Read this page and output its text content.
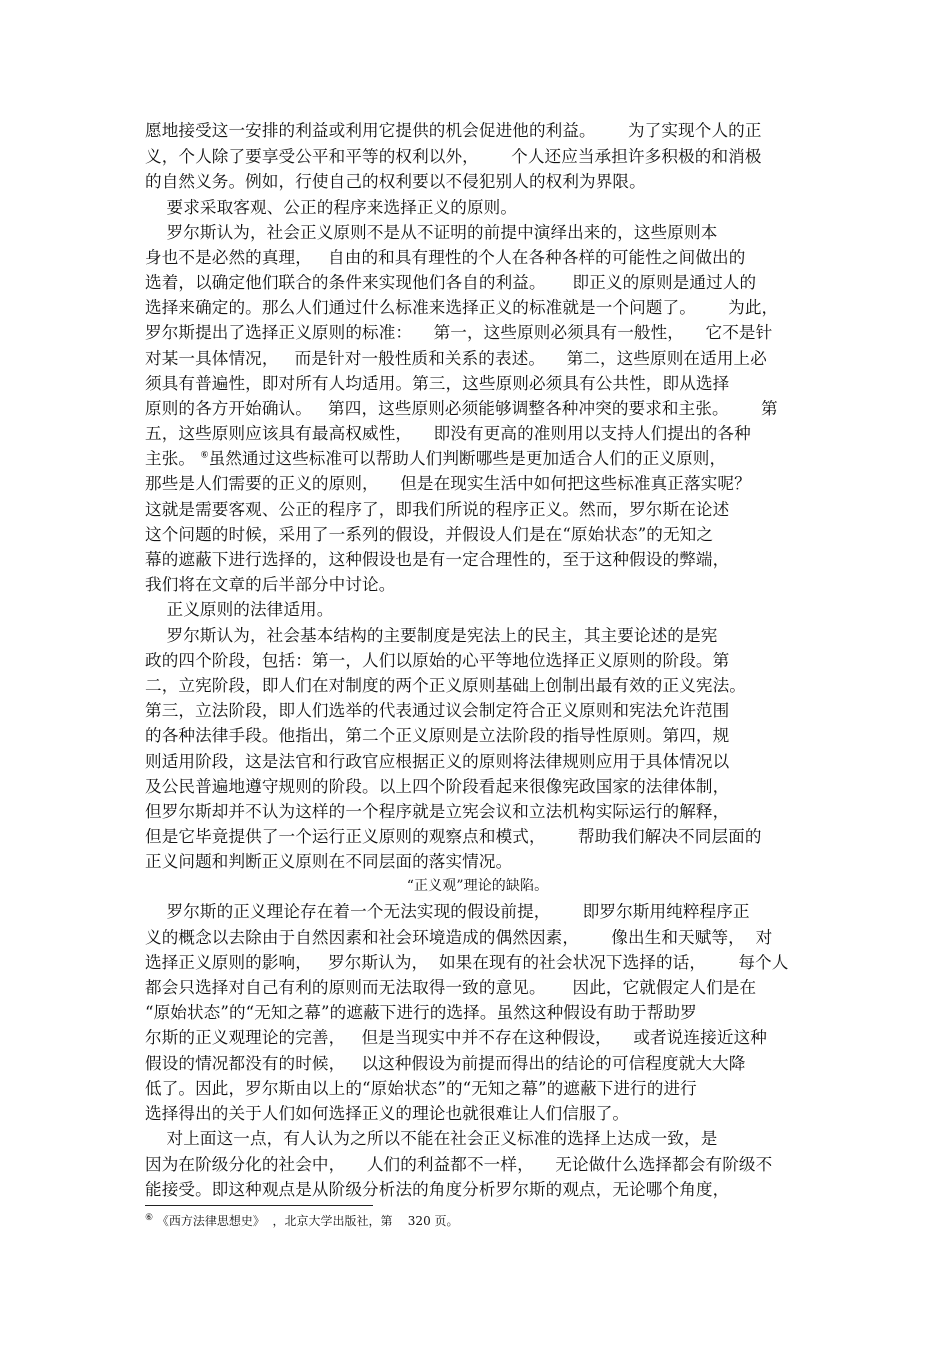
愿地接受这一安排的利益或利用它提供的机会促进他的利益。      为了实现个人的正
义，个人除了要享受公平和平等的权利以外，      个人还应当承担许多积极的和消极
的自然义务。例如，行使自己的权利要以不侵犯别人的权利为界限。
要求采取客观、公正的程序来选择正义的原则。
罗尔斯认为，社会正义原则不是从不证明的前提中演绎出来的，这些原则本
身也不是必然的真理，   自由的和具有理性的个人在各种各样的可能性之间做出的
选着，以确定他们联合的条件来实现他们各自的利益。     即正义的原则是通过人的
选择来确定的。那么人们通过什么标准来选择正义的标准就是一个问题了。      为此，
罗尔斯提出了选择正义原则的标准：    第一，这些原则必须具有一般性，    它不是针
对某一具体情况，   而是针对一般性质和关系的表述。    第二，这些原则在适用上必
须具有普遍性，即对所有人均适用。第三，这些原则必须具有公共性，即从选择
原则的各方开始确认。   第四，这些原则必须能够调整各种冲突的要求和主张。      第
五，这些原则应该具有最高权威性，    即没有更高的准则用以支持人们提出的各种
主张。 ⑥虽然通过这些标准可以帮助人们判断哪些是更加适合人们的正义原则，
那些是人们需要的正义的原则，    但是在现实生活中如何把这些标准真正落实呢？
这就是需要客观、公正的程序了，即我们所说的程序正义。然而，罗尔斯在论述
这个问题的时候，采用了一系列的假设，并假设人们是在“原始状态”的无知之
幕的遮蔽下进行选择的，这种假设也是有一定合理性的，至于这种假设的弊端，
我们将在文章的后半部分中讨论。
正义原则的法律适用。
罗尔斯认为，社会基本结构的主要制度是宪法上的民主，其主要论述的是宪
政的四个阶段，包括：第一，人们以原始的心平等地位选择正义原则的阶段。第
二，立宪阶段，即人们在对制度的两个正义原则基础上创制出最有效的正义宪法。
第三，立法阶段，即人们选举的代表通过议会制定符合正义原则和宪法允许范围
的各种法律手段。他指出，第二个正义原则是立法阶段的指导性原则。第四，规
则适用阶段，这是法官和行政官应根据正义的原则将法律规则应用于具体情况以
及公民普遍地遵守规则的阶段。以上四个阶段看起来很像宪政国家的法律体制，
但罗尔斯却并不认为这样的一个程序就是立宪会议和立法机构实际运行的解释，
但是它毕竟提供了一个运行正义原则的观察点和模式，      帮助我们解决不同层面的
正义问题和判断正义原则在不同层面的落实情况。
“正义观”理论的缺陷。
罗尔斯的正义理论存在着一个无法实现的假设前提，      即罗尔斯用纯粹程序正
义的概念以去除由于自然因素和社会环境造成的偶然因素，      像出生和天赋等，  对
选择正义原则的影响，   罗尔斯认为，  如果在现有的社会状况下选择的话，      每个人
都会只选择对自己有利的原则而无法取得一致的意见。     因此，它就假定人们是在
“原始状态”的“无知之幕”的遮蔽下进行的选择。虽然这种假设有助于帮助罗
尔斯的正义观理论的完善，   但是当现实中并不存在这种假设，    或者说连接近这种
假设的情况都没有的时候，   以这种假设为前提而得出的结论的可信程度就大大降
低了。因此，罗尔斯由以上的“原始状态”的“无知之幕”的遮蔽下进行的进行
选择得出的关于人们如何选择正义的理论也就很难让人们信服了。
对上面这一点，有人认为之所以不能在社会正义标准的选择上达成一致，是
因为在阶级分化的社会中，    人们的利益都不一样，    无论做什么选择都会有阶级不
能接受。即这种观点是从阶级分析法的角度分析罗尔斯的观点，无论哪个角度，
⑥ 《西方法律思想史》  ，北京大学出版社，第    320 页。
